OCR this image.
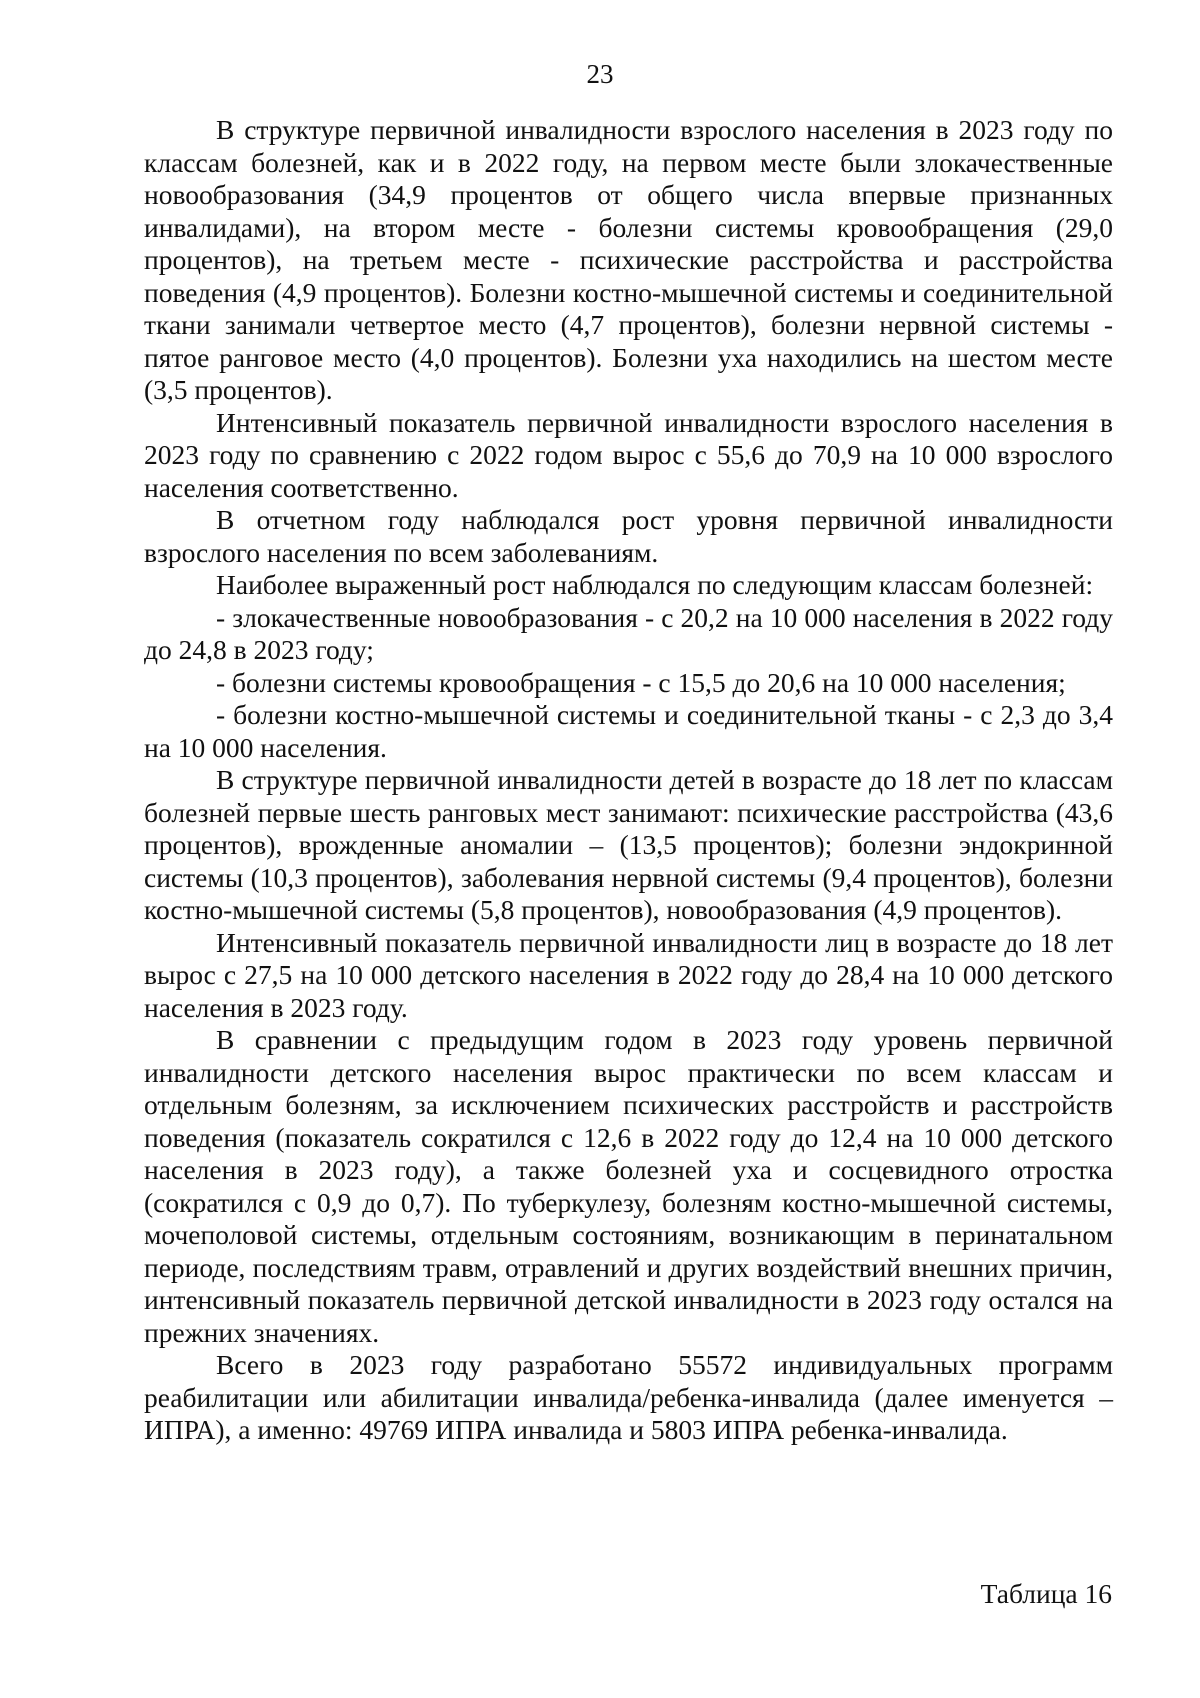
23

В структуре первичной инвалидности взрослого населения в 2023 году по классам болезней, как и в 2022 году, на первом месте были злокачественные новообразования (34,9 процентов от общего числа впервые признанных инвалидами), на втором месте - болезни системы кровообращения (29,0 процентов), на третьем месте - психические расстройства и расстройства поведения (4,9 процентов). Болезни костно-мышечной системы и соединительной ткани занимали четвертое место (4,7 процентов), болезни нервной системы - пятое ранговое место (4,0 процентов). Болезни уха находились на шестом месте (3,5 процентов).

Интенсивный показатель первичной инвалидности взрослого населения в 2023 году по сравнению с 2022 годом вырос с 55,6 до 70,9 на 10 000 взрослого населения соответственно.

В отчетном году наблюдался рост уровня первичной инвалидности взрослого населения по всем заболеваниям.

Наиболее выраженный рост наблюдался по следующим классам болезней:

- злокачественные новообразования - с 20,2 на 10 000 населения в 2022 году до 24,8 в 2023 году;

- болезни системы кровообращения - с 15,5 до 20,6 на 10 000 населения;

- болезни костно-мышечной системы и соединительной тканы - с 2,3 до 3,4 на 10 000 населения.

В структуре первичной инвалидности детей в возрасте до 18 лет по классам болезней первые шесть ранговых мест занимают: психические расстройства (43,6 процентов), врожденные аномалии – (13,5 процентов); болезни эндокринной системы (10,3 процентов), заболевания нервной системы (9,4 процентов), болезни костно-мышечной системы (5,8 процентов), новообразования (4,9 процентов).

Интенсивный показатель первичной инвалидности лиц в возрасте до 18 лет вырос с 27,5 на 10 000 детского населения в 2022 году до 28,4 на 10 000 детского населения в 2023 году.

В сравнении с предыдущим годом в 2023 году уровень первичной инвалидности детского населения вырос практически по всем классам и отдельным болезням, за исключением психических расстройств и расстройств поведения (показатель сократился с 12,6 в 2022 году до 12,4 на 10 000 детского населения в 2023 году), а также болезней уха и сосцевидного отростка (сократился с 0,9 до 0,7). По туберкулезу, болезням костно-мышечной системы, мочеполовой системы, отдельным состояниям, возникающим в перинатальном периоде, последствиям травм, отравлений и других воздействий внешних причин, интенсивный показатель первичной детской инвалидности в 2023 году остался на прежних значениях.

Всего в 2023 году разработано 55572 индивидуальных программ реабилитации или абилитации инвалида/ребенка-инвалида (далее именуется – ИПРА), а именно: 49769 ИПРА инвалида и 5803 ИПРА ребенка-инвалида.

Таблица 16
